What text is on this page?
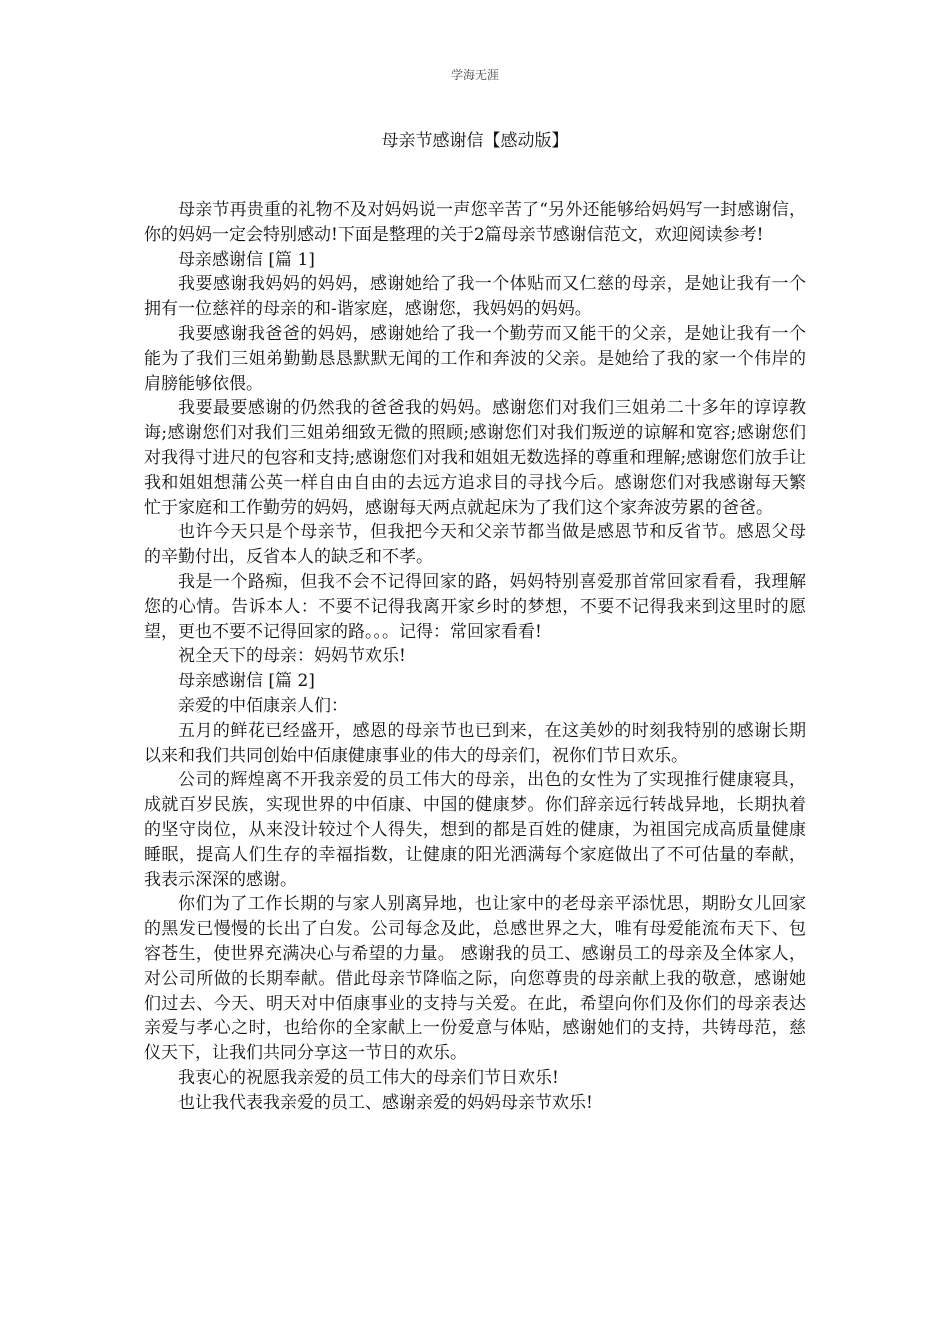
学海无涯
母亲节感谢信【感动版】

母亲节再贵重的礼物不及对妈妈说一声您辛苦了“另外还能够给妈妈写一封感谢信，你的妈妈一定会特别感动!下面是整理的关于2篇母亲节感谢信范文，欢迎阅读参考!

母亲感谢信 [篇 1]

我要感谢我妈妈的妈妈，感谢她给了我一个体贴而又仁慈的母亲，是她让我有一个拥有一位慈祥的母亲的和-谐家庭，感谢您，我妈妈的妈妈。

我要感谢我爸爸的妈妈，感谢她给了我一个勤劳而又能干的父亲，是她让我有一个能为了我们三姐弟勤勤恳恳默默无闻的工作和奔波的父亲。是她给了我的家一个伟岸的肩膀能够依偎。

我要最要感谢的仍然我的爸爸我的妈妈。感谢您们对我们三姐弟二十多年的谆谆教诲;感谢您们对我们三姐弟细致无微的照顾;感谢您们对我们叛逆的谅解和宽容;感谢您们对我得寸进尺的包容和支持;感谢您们对我和姐姐无数选择的尊重和理解;感谢您们放手让我和姐姐想蒲公英一样自由自由的去远方追求目的寻找今后。感谢您们对我感谢每天繁忙于家庭和工作勤劳的妈妈，感谢每天两点就起床为了我们这个家奔波劳累的爸爸。

也许今天只是个母亲节，但我把今天和父亲节都当做是感恩节和反省节。感恩父母的辛勤付出，反省本人的缺乏和不孝。

我是一个路痴，但我不会不记得回家的路，妈妈特别喜爱那首常回家看看，我理解您的心情。告诉本人：不要不记得我离开家乡时的梦想，不要不记得我来到这里时的愿望，更也不要不记得回家的路。。。记得：常回家看看!

祝全天下的母亲：妈妈节欢乐!

母亲感谢信 [篇 2]

亲爱的中佰康亲人们：

五月的鲜花已经盛开，感恩的母亲节也已到来，在这美妙的时刻我特别的感谢长期以来和我们共同创始中佰康健康事业的伟大的母亲们，祝你们节日欢乐。

公司的辉煌离不开我亲爱的员工伟大的母亲，出色的女性为了实现推行健康寝具，成就百岁民族，实现世界的中佰康、中国的健康梦。你们辞亲远行转战异地，长期执着的坚守岗位，从来没计较过个人得失，想到的都是百姓的健康，为祖国完成高质量健康睡眠，提高人们生存的幸福指数，让健康的阳光洒满每个家庭做出了不可估量的奉献，我表示深深的感谢。

你们为了工作长期的与家人别离异地，也让家中的老母亲平添忧思，期盼女儿回家的黑发已慢慢的长出了白发。公司每念及此，总感世界之大，唯有母爱能流布天下、包容苍生，使世界充满决心与希望的力量。 感谢我的员工、感谢员工的母亲及全体家人，对公司所做的长期奉献。借此母亲节降临之际，向您尊贵的母亲献上我的敬意，感谢她们过去、今天、明天对中佰康事业的支持与关爱。在此，希望向你们及你们的母亲表达亲爱与孝心之时，也给你的全家献上一份爱意与体贴，感谢她们的支持，共铸母范，慈仪天下，让我们共同分享这一节日的欢乐。

我衷心的祝愿我亲爱的员工伟大的母亲们节日欢乐!

也让我代表我亲爱的员工、感谢亲爱的妈妈母亲节欢乐!
